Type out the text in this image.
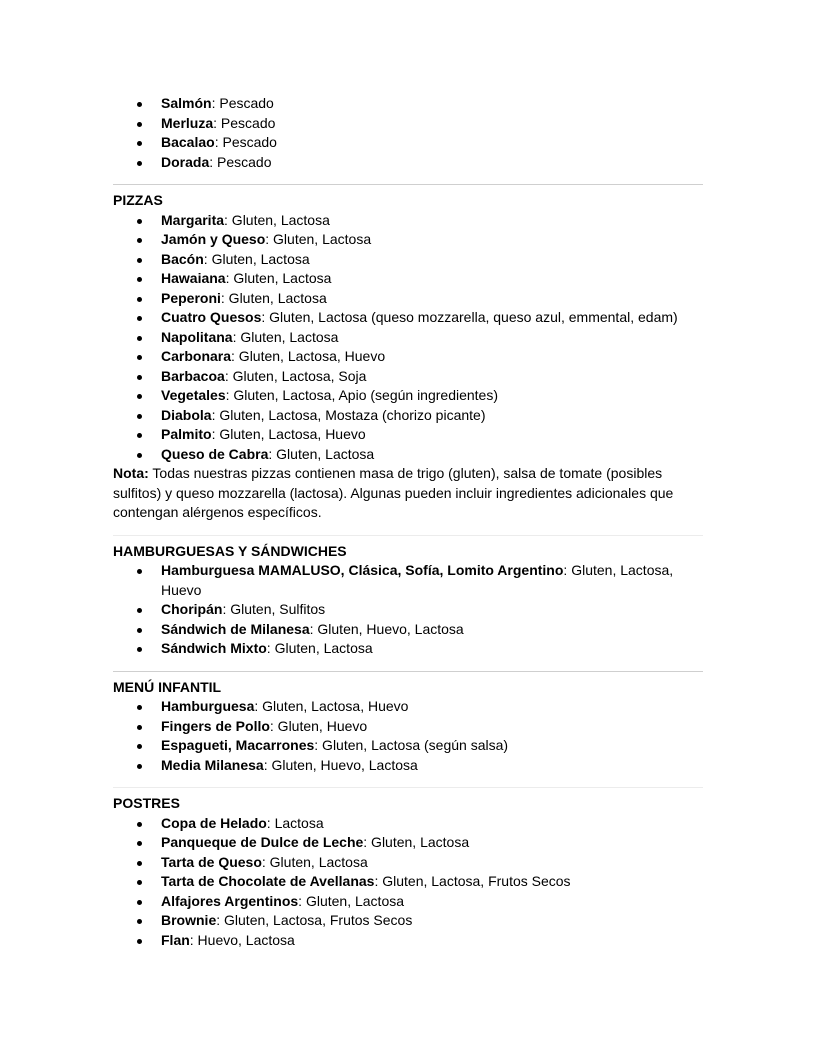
Salmón: Pescado
Merluza: Pescado
Bacalao: Pescado
Dorada: Pescado

PIZZAS

Margarita: Gluten, Lactosa
Jamón y Queso: Gluten, Lactosa
Bacón: Gluten, Lactosa
Hawaiana: Gluten, Lactosa
Peperoni: Gluten, Lactosa
Cuatro Quesos: Gluten, Lactosa (queso mozzarella, queso azul, emmental, edam)
Napolitana: Gluten, Lactosa
Carbonara: Gluten, Lactosa, Huevo
Barbacoa: Gluten, Lactosa, Soja
Vegetales: Gluten, Lactosa, Apio (según ingredientes)
Diabola: Gluten, Lactosa, Mostaza (chorizo picante)
Palmito: Gluten, Lactosa, Huevo
Queso de Cabra: Gluten, Lactosa

Nota: Todas nuestras pizzas contienen masa de trigo (gluten), salsa de tomate (posibles sulfitos) y queso mozzarella (lactosa). Algunas pueden incluir ingredientes adicionales que contengan alérgenos específicos.

HAMBURGUESAS Y SÁNDWICHES

Hamburguesa MAMALUSO, Clásica, Sofía, Lomito Argentino: Gluten, Lactosa, Huevo
Choripán: Gluten, Sulfitos
Sándwich de Milanesa: Gluten, Huevo, Lactosa
Sándwich Mixto: Gluten, Lactosa

MENÚ INFANTIL

Hamburguesa: Gluten, Lactosa, Huevo
Fingers de Pollo: Gluten, Huevo
Espagueti, Macarrones: Gluten, Lactosa (según salsa)
Media Milanesa: Gluten, Huevo, Lactosa

POSTRES

Copa de Helado: Lactosa
Panqueque de Dulce de Leche: Gluten, Lactosa
Tarta de Queso: Gluten, Lactosa
Tarta de Chocolate de Avellanas: Gluten, Lactosa, Frutos Secos
Alfajores Argentinos: Gluten, Lactosa
Brownie: Gluten, Lactosa, Frutos Secos
Flan: Huevo, Lactosa
